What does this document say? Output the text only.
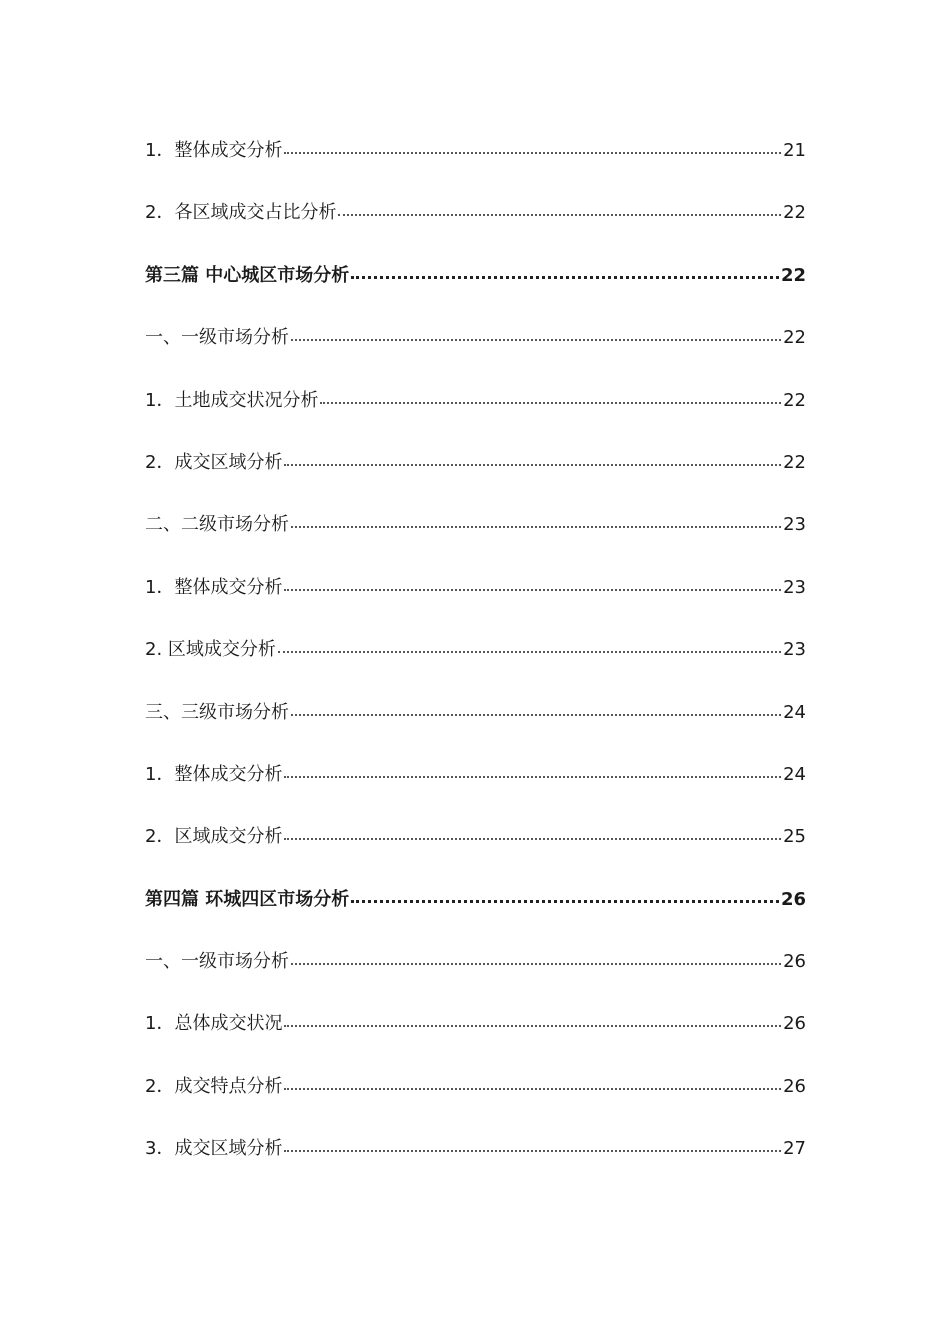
1．整体成交分析	21
2．各区域成交占比分析	22
第三篇 中心城区市场分析	22
一、一级市场分析	22
1．土地成交状况分析	22
2．成交区域分析	22
二、二级市场分析	23
1．整体成交分析	23
2. 区域成交分析	23
三、三级市场分析	24
1．整体成交分析	24
2．区域成交分析	25
第四篇 环城四区市场分析	26
一、一级市场分析	26
1．总体成交状况	26
2．成交特点分析	26
3．成交区域分析	27
